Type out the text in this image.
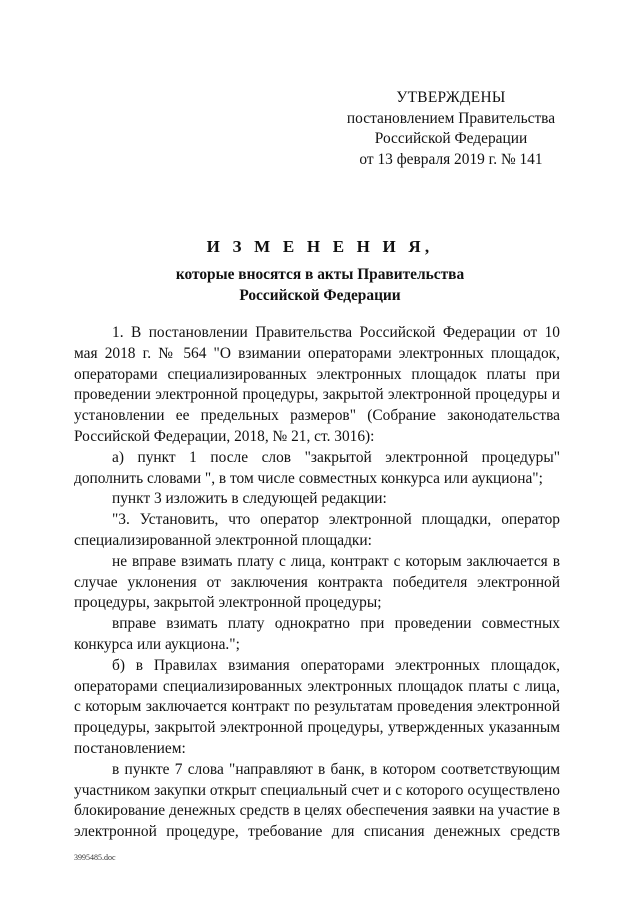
УТВЕРЖДЕНЫ
постановлением Правительства
Российской Федерации
от 13 февраля 2019 г. № 141
И З М Е Н Е Н И Я,
которые вносятся в акты Правительства
Российской Федерации

1. В постановлении Правительства Российской Федерации от 10 мая 2018 г. № 564 "О взимании операторами электронных площадок, операторами специализированных электронных площадок платы при проведении электронной процедуры, закрытой электронной процедуры и установлении ее предельных размеров" (Собрание законодательства Российской Федерации, 2018, № 21, ст. 3016):

а) пункт 1 после слов "закрытой электронной процедуры" дополнить словами ", в том числе совместных конкурса или аукциона";

пункт 3 изложить в следующей редакции:

"3. Установить, что оператор электронной площадки, оператор специализированной электронной площадки:

не вправе взимать плату с лица, контракт с которым заключается в случае уклонения от заключения контракта победителя электронной процедуры, закрытой электронной процедуры;

вправе взимать плату однократно при проведении совместных конкурса или аукциона.";

б) в Правилах взимания операторами электронных площадок, операторами специализированных электронных площадок платы с лица, с которым заключается контракт по результатам проведения электронной процедуры, закрытой электронной процедуры, утвержденных указанным постановлением:

в пункте 7 слова "направляют в банк, в котором соответствующим участником закупки открыт специальный счет и с которого осуществлено блокирование денежных средств в целях обеспечения заявки на участие в электронной процедуре, требование для списания денежных средств

3995485.doc
